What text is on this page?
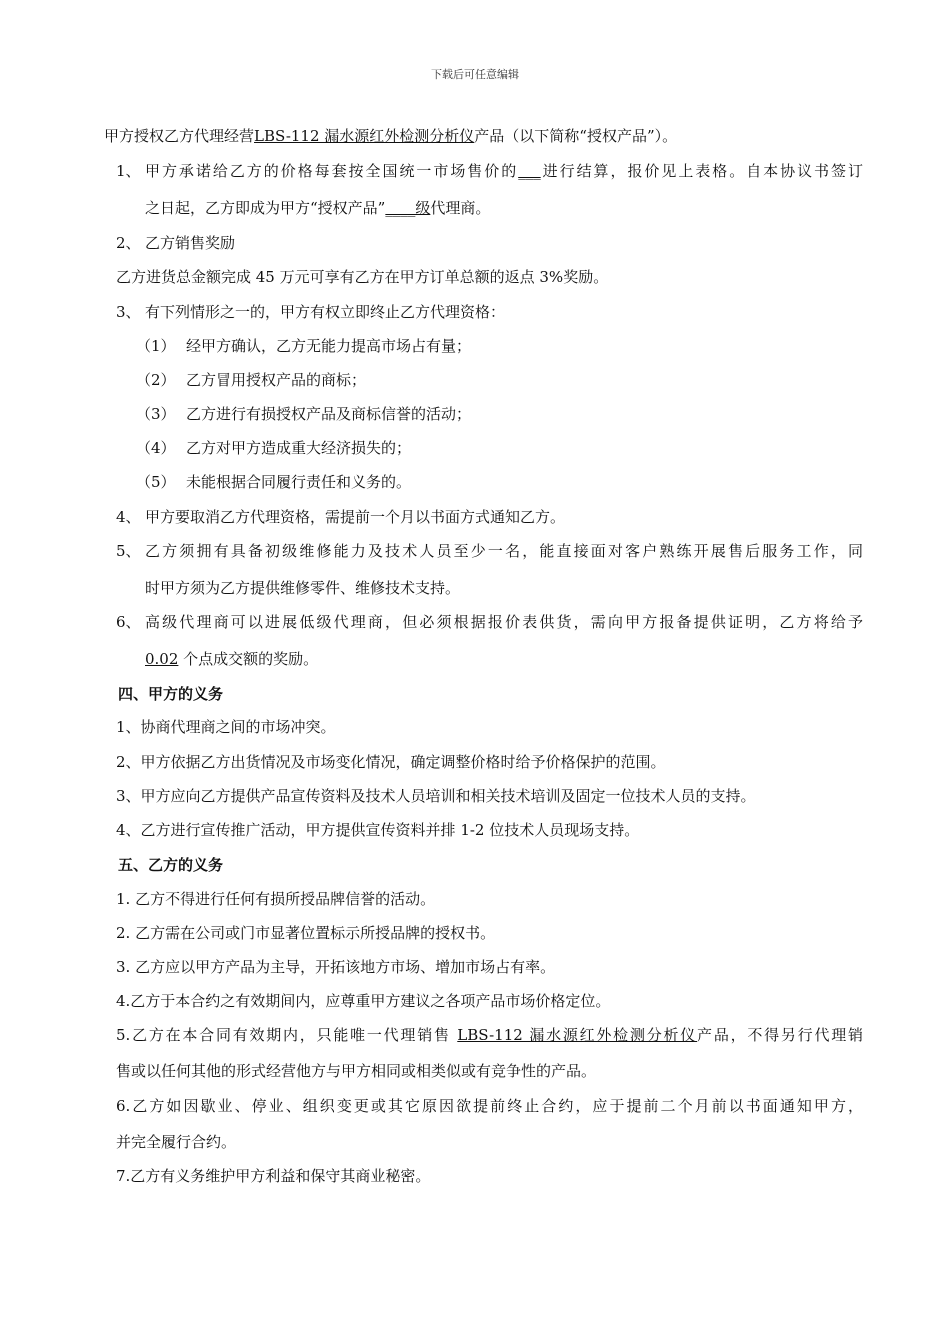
下载后可任意编辑
甲方授权乙方代理经营LBS-112 漏水源红外检测分析仪产品（以下简称“授权产品”）。
1、 甲方承诺给乙方的价格每套按全国统一市场售价的___进行结算，报价见上表格。自本协议书签订
之日起，乙方即成为甲方“授权产品”____级代理商。
2、 乙方销售奖励
乙方进货总金额完成 45 万元可享有乙方在甲方订单总额的返点 3%奖励。
3、 有下列情形之一的，甲方有权立即终止乙方代理资格：
（1） 经甲方确认，乙方无能力提高市场占有量；
（2） 乙方冒用授权产品的商标；
（3） 乙方进行有损授权产品及商标信誉的活动；
（4） 乙方对甲方造成重大经济损失的；
（5） 未能根据合同履行责任和义务的。
4、 甲方要取消乙方代理资格，需提前一个月以书面方式通知乙方。
5、 乙方须拥有具备初级维修能力及技术人员至少一名，能直接面对客户熟练开展售后服务工作，同
时甲方须为乙方提供维修零件、维修技术支持。
6、 高级代理商可以进展低级代理商，但必须根据报价表供货，需向甲方报备提供证明，乙方将给予
0.02 个点成交额的奖励。
四、甲方的义务
1、协商代理商之间的市场冲突。
2、甲方依据乙方出货情况及市场变化情况，确定调整价格时给予价格保护的范围。
3、甲方应向乙方提供产品宣传资料及技术人员培训和相关技术培训及固定一位技术人员的支持。
4、乙方进行宣传推广活动，甲方提供宣传资料并排 1-2 位技术人员现场支持。
五、乙方的义务
1. 乙方不得进行任何有损所授品牌信誉的活动。
2. 乙方需在公司或门市显著位置标示所授品牌的授权书。
3. 乙方应以甲方产品为主导，开拓该地方市场、增加市场占有率。
4.乙方于本合约之有效期间内，应尊重甲方建议之各项产品市场价格定位。
5.乙方在本合同有效期内，只能唯一代理销售 LBS-112 漏水源红外检测分析仪产品，不得另行代理销
售或以任何其他的形式经营他方与甲方相同或相类似或有竞争性的产品。
6.乙方如因歇业、停业、组织变更或其它原因欲提前终止合约，应于提前二个月前以书面通知甲方，
并完全履行合约。
7.乙方有义务维护甲方利益和保守其商业秘密。
